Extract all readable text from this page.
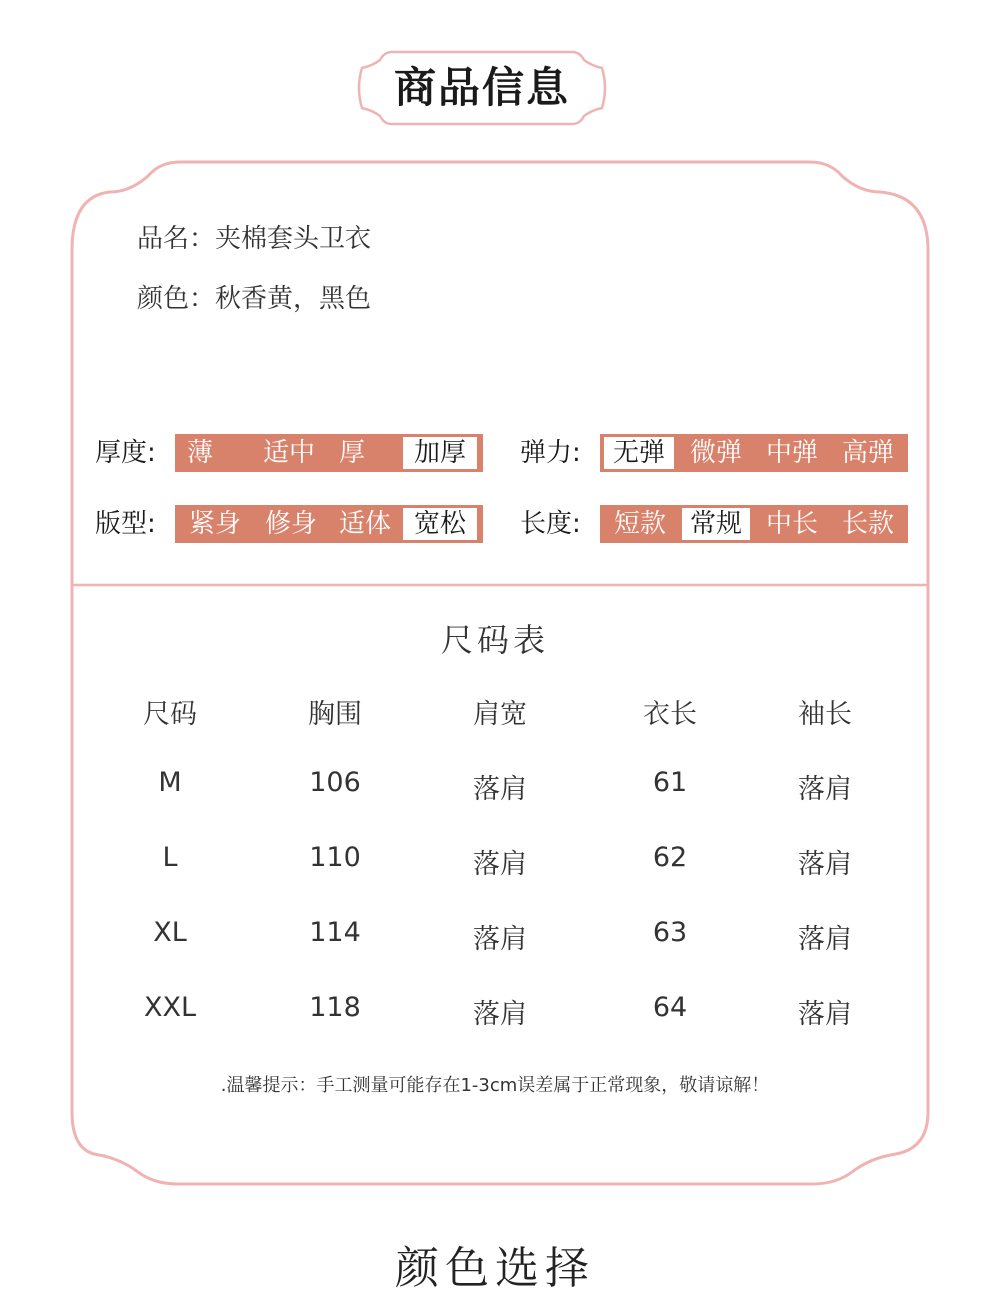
商品信息
品名：夹棉套头卫衣
颜色：秋香黄，黑色
厚度:	薄	适中 厚	加厚	弹力:	无弹 微弹 中弹 高弹
版型:	紧身 修身 适体 宽松	长度:	短款 常规 中长 长款
尺码表
尺码	胸围	肩宽	衣长	袖长
M	106	落肩	61	落肩
L	110	落肩	62	落肩
XL	114	落肩	63	落肩
XXL	118	落肩	64	落肩
.温馨提示：手工测量可能存在1-3cm误差属于正常现象，敬请谅解！
颜色选择
